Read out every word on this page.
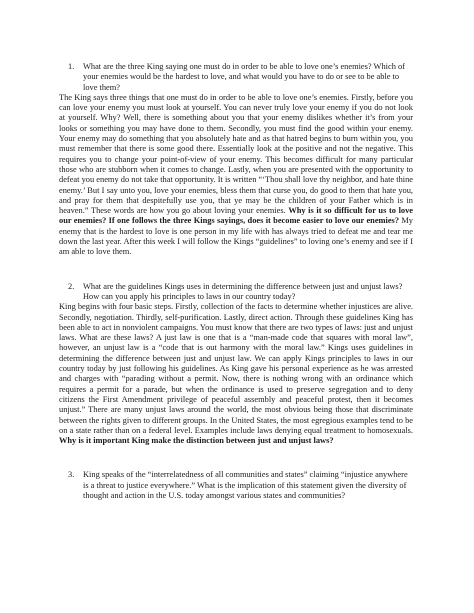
1. What are the three King saying one must do in order to be able to love one’s enemies? Which of your enemies would be the hardest to love, and what would you have to do or see to be able to love them?
The King says three things that one must do in order to be able to love one’s enemies. Firstly, before you can love your enemy you must look at yourself. You can never truly love your enemy if you do not look at yourself. Why? Well, there is something about you that your enemy dislikes whether it’s from your looks or something you may have done to them. Secondly, you must find the good within your enemy. Your enemy may do something that you absolutely hate and as that hatred begins to burn within you, you must remember that there is some good there. Essentially look at the positive and not the negative. This requires you to change your point-of-view of your enemy. This becomes difficult for many particular those who are stubborn when it comes to change. Lastly, when you are presented with the opportunity to defeat you enemy do not take that opportunity. It is written “‘Thou shall love thy neighbor, and hate thine enemy.’ But I say unto you, love your enemies, bless them that curse you, do good to them that hate you, and pray for them that despitefully use you, that ye may be the children of your Father which is in heaven.” These words are how you go about loving your enemies. Why is it so difficult for us to love our enemies? If one follows the three Kings sayings, does it become easier to love our enemies? My enemy that is the hardest to love is one person in my life with has always tried to defeat me and tear me down the last year. After this week I will follow the Kings “guidelines” to loving one’s enemy and see if I am able to love them.
2. What are the guidelines Kings uses in determining the difference between just and unjust laws? How can you apply his principles to laws in our country today?
King begins with four basic steps. Firstly, collection of the facts to determine whether injustices are alive. Secondly, negotiation. Thirdly, self-purification. Lastly, direct action. Through these guidelines King has been able to act in nonviolent campaigns. You must know that there are two types of laws: just and unjust laws. What are these laws? A just law is one that is a “man-made code that squares with moral law”, however, an unjust law is a “code that is out harmony with the moral law.” Kings uses guidelines in determining the difference between just and unjust law. We can apply Kings principles to laws in our country today by just following his guidelines. As King gave his personal experience as he was arrested and charges with “parading without a permit. Now, there is nothing wrong with an ordinance which requires a permit for a parade, but when the ordinance is used to preserve segregation and to deny citizens the First Amendment privilege of peaceful assembly and peaceful protest, then it becomes unjust.” There are many unjust laws around the world, the most obvious being those that discriminate between the rights given to different groups. In the United States, the most egregious examples tend to be on a state rather than on a federal level. Examples include laws denying equal treatment to homosexuals. Why is it important King make the distinction between just and unjust laws?
3. King speaks of the “interrelatedness of all communities and states” claiming “injustice anywhere is a threat to justice everywhere.” What is the implication of this statement given the diversity of thought and action in the U.S. today amongst various states and communities?
